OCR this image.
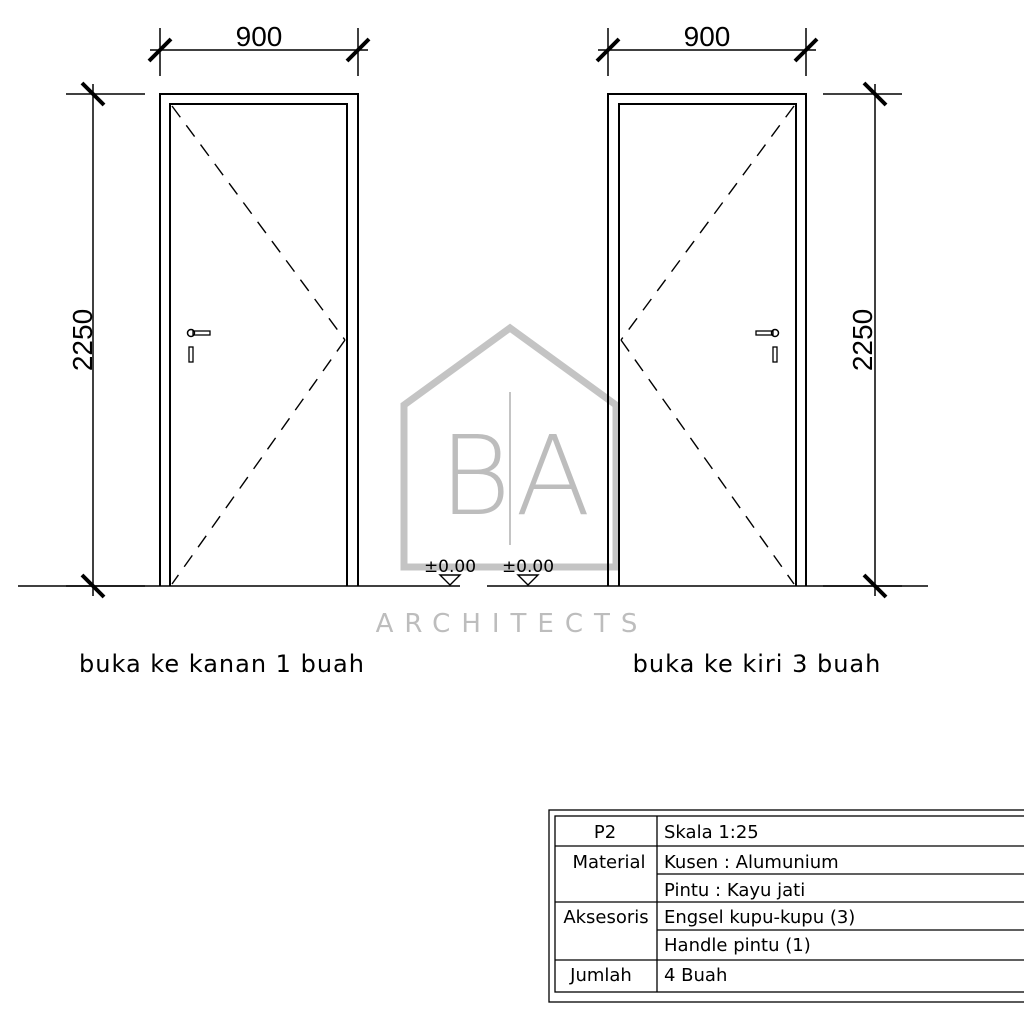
B A
ARCHITECTS
900
2250
±0.00
buka ke kanan 1 buah
900
2250
±0.00
buka ke kiri 3 buah
P2
Material
Aksesoris
Jumlah
Skala 1:25
Kusen : Alumunium
Pintu : Kayu jati
Engsel kupu-kupu (3)
Handle pintu (1)
4 Buah
